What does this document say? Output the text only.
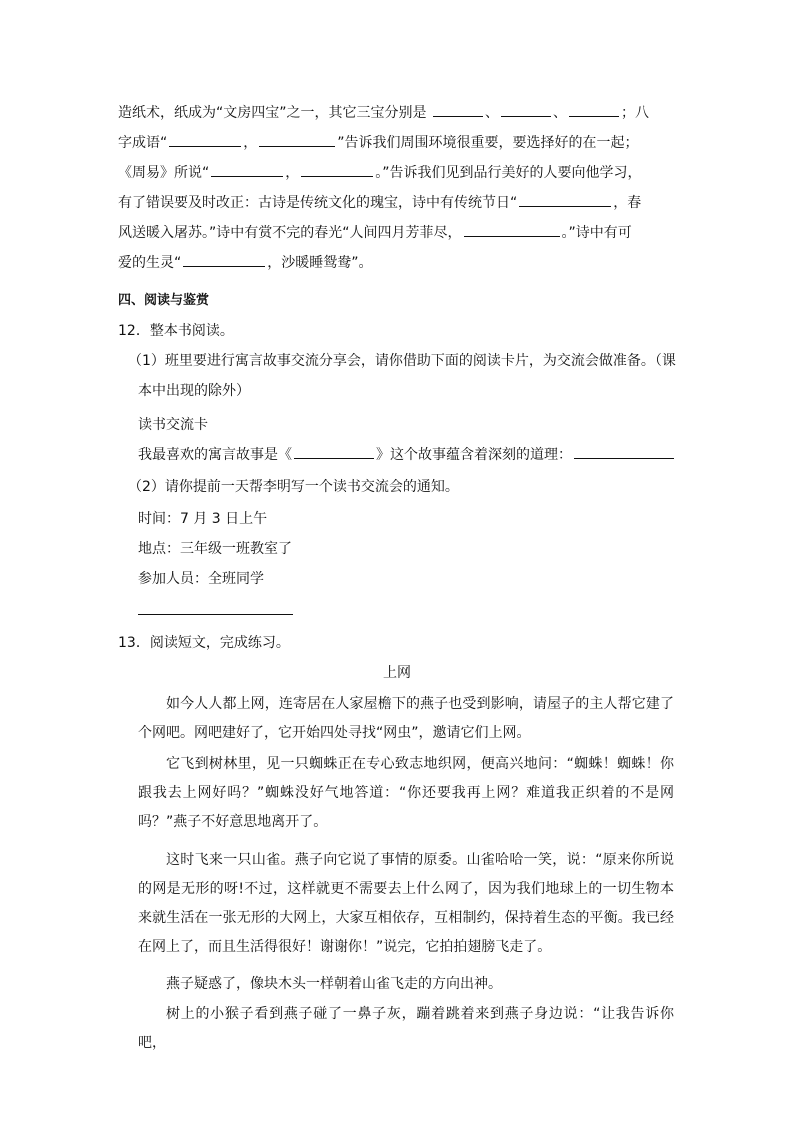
造纸术，纸成为“文房四宝”之一，其它三宝分别是	、	、	；八
字成语“	，	”告诉我们周围环境很重要，要选择好的在一起；
《周易》所说“	，	。”告诉我们见到品行美好的人要向他学习，
有了错误要及时改正：古诗是传统文化的瑰宝，诗中有传统节日“	，春
风送暖入屠苏。”诗中有赏不完的春光“人间四月芳菲尽，	。”诗中有可
爱的生灵“	，沙暖睡鸳鸯”。
四、阅读与鉴赏
12．整本书阅读。
（1）班里要进行寓言故事交流分享会，请你借助下面的阅读卡片，为交流会做准备。（课
本中出现的除外）
读书交流卡
我最喜欢的寓言故事是《	》这个故事蕴含着深刻的道理：
（2）请你提前一天帮李明写一个读书交流会的通知。
时间：7 月 3 日上午
地点：三年级一班教室了
参加人员：全班同学
13．阅读短文，完成练习。
上网
如今人人都上网，连寄居在人家屋檐下的燕子也受到影响，请屋子的主人帮它建了个网吧。网吧建好了，它开始四处寻找“网虫”，邀请它们上网。
它飞到树林里，见一只蜘蛛正在专心致志地织网，便高兴地问：“蜘蛛！蜘蛛！你跟我去上网好吗？”蜘蛛没好气地答道：“你还要我再上网？难道我正织着的不是网吗？”燕子不好意思地离开了。
这时飞来一只山雀。燕子向它说了事情的原委。山雀哈哈一笑，说：“原来你所说的网是无形的呀!不过，这样就更不需要去上什么网了，因为我们地球上的一切生物本来就生活在一张无形的大网上，大家互相依存，互相制约，保持着生态的平衡。我已经在网上了，而且生活得很好！谢谢你！”说完，它拍拍翅膀飞走了。
燕子疑惑了，像块木头一样朝着山雀飞走的方向出神。
树上的小猴子看到燕子碰了一鼻子灰，蹦着跳着来到燕子身边说：“让我告诉你吧，
